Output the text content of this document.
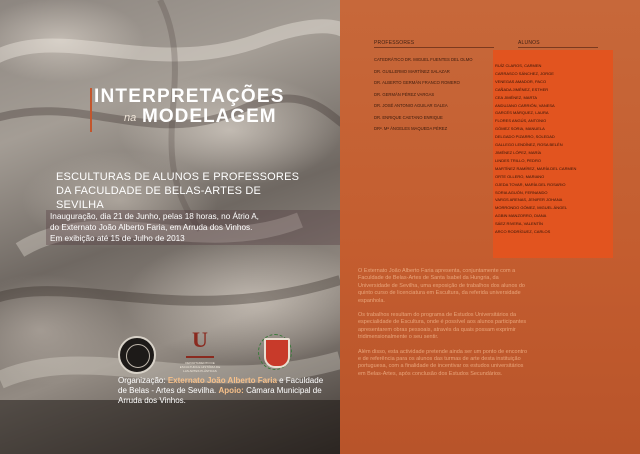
INTERPRETAÇÕES
na MODELAGEM
ESCULTURAS DE ALUNOS E PROFESSORES DA FACULDADE DE BELAS-ARTES DE SEVILHA
Inauguração, dia 21 de Junho, pelas 18 horas, no Átrio A,
do Externato João Alberto Faria, em Arruda dos Vinhos.
Em exibição até 15 de Julho de 2013
U
DEPARTAMENTO DE ESCULTURA E HISTÓRIA DE LAS ARTES PLÁSTICAS
Organização: Externato João Alberto Faria e Faculdade de Belas - Artes de Sevilha. Apoio: Câmara Municipal de Arruda dos Vinhos.
PROFESSORES	ALUNOS
CATEDRÁTICO DR. MIGUEL FUENTES DEL OLMO
DR. GUILLERMO MARTÍNEZ SALAZAR
DR. ALBERTO GERMÁN FRANCO ROMERO
DR. GERMÁN PÉREZ VARGAS
DR. JOSÉ ANTONIO AGUILAR GALEA
DR. ENRIQUE CAETANO ENRIQUE
DRª. Mª ÁNGELES MAQUEDA PÉREZ
RUÍZ CLAROS, CARMEN
CARRASCO SÁNCHEZ, JORGE
VENEGAS AMADOR, PACO
CAÑADA JIMÉNEZ, ESTHER
CEA JIMÉNEZ, MARTA
ANDUJANO CARRIÓN, VANESA
GARCÉS MÁRQUEZ, LAURA
FLORES ANGÚS, ANTONIO
GÓMEZ SORIA, MANUELA
DELGADO PIZARRO, SOLEDAD
GALLEGO LENDÍNEZ, ROSA BELÉN
JIMÉNEZ LÓPEZ, MARÍA
LINDES TRILLO, PEDRO
MARTÍNEZ RAMÍREZ, MARÍA DEL CARMEN
ORTE OLLERO, MARIANO
OJEDA TOVAR, MARÍA DEL ROSARIO
SORIA AGUÓN, FERNANDO
VARGS ARENAS, JENIFER JOHANA
MORRONDO GÓMEZ, MIGUEL ÁNGEL
AGBIN MANZORRO, DIANA
SÁEZ RIVERA, VALENTÍN
ARCO RODRÍGUEZ, CARLOS

O Externato João Alberto Faria apresenta, conjuntamente com a Faculdade de Belas-Artes de Santa Isabel da Hungria, da Universidade de Sevilha, uma exposição de trabalhos dos alunos do quinto curso de licenciatura em Escultura, da referida universidade espanhola.

Os trabalhos resultam do programa de Estudos Universitários da especialidade de Escultura, onde é possível aos alunos participantes apresentarem obras pessoais, através da quais possam exprimir tridimensionalmente o seu sentir.

Além disso, esta actividade pretende ainda ser um ponto de encontro e de referência para os alunos das turmas de arte desta instituição portuguesa, com a finalidade de incentivar os estudos universitários em Belas-Artes, após conclusão dos Estudos Secundários.
